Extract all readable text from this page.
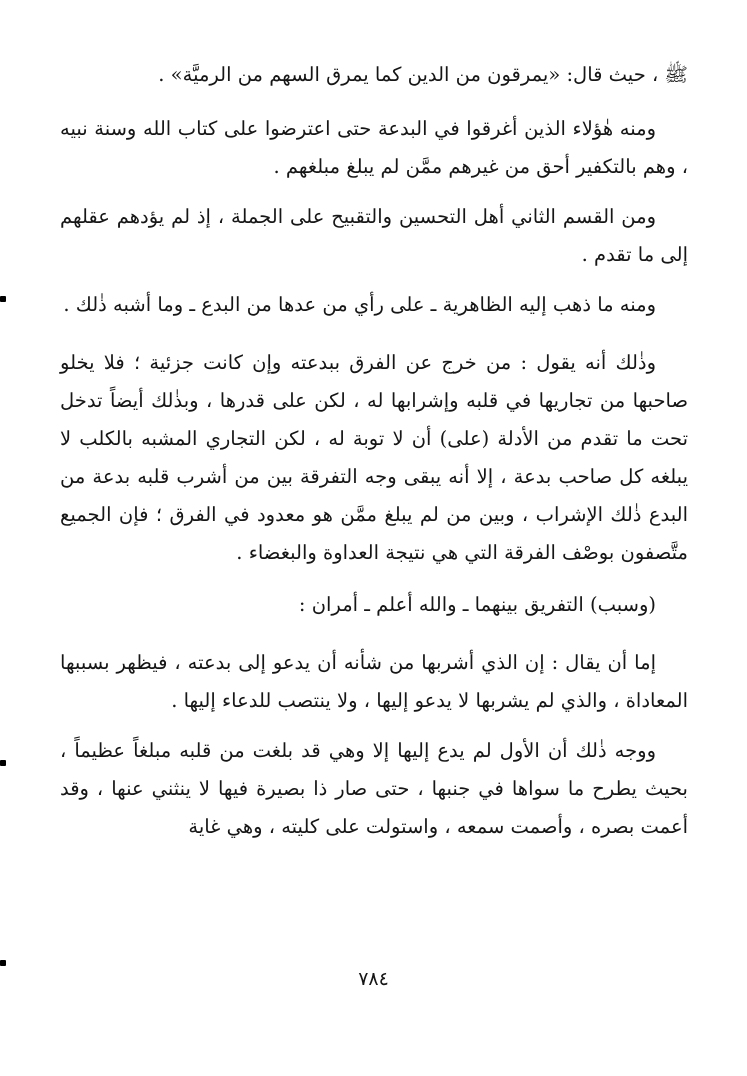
ﷺ ، حيث قال: «يمرقون من الدين كما يمرق السهم من الرميَّة» .

ومنه هٰؤلاء الذين أغرقوا في البدعة حتى اعترضوا على كتاب الله وسنة نبيه ، وهم بالتكفير أحق من غيرهم ممَّن لم يبلغ مبلغهم .

ومن القسم الثاني أهل التحسين والتقبيح على الجملة ، إذ لم يؤدهم عقلهم إلى ما تقدم .

ومنه ما ذهب إليه الظاهرية ـ على رأي من عدها من البدع ـ وما أشبه ذٰلك .

وذٰلك أنه يقول : من خرج عن الفرق ببدعته وإن كانت جزئية ؛ فلا يخلو صاحبها من تجاريها في قلبه وإشرابها له ، لكن على قدرها ، وبذٰلك أيضاً تدخل تحت ما تقدم من الأدلة (على) أن لا توبة له ، لكن التجاري المشبه بالكلب لا يبلغه كل صاحب بدعة ، إلا أنه يبقى وجه التفرقة بين من أشرب قلبه بدعة من البدع ذٰلك الإشراب ، وبين من لم يبلغ ممَّن هو معدود في الفرق ؛ فإن الجميع متَّصفون بوصْف الفرقة التي هي نتيجة العداوة والبغضاء .

(وسبب) التفريق بينهما ـ والله أعلم ـ أمران :

إما أن يقال : إن الذي أشربها من شأنه أن يدعو إلى بدعته ، فيظهر بسببها المعاداة ، والذي لم يشربها لا يدعو إليها ، ولا ينتصب للدعاء إليها .

ووجه ذٰلك أن الأول لم يدع إليها إلا وهي قد بلغت من قلبه مبلغاً عظيماً ، بحيث يطرح ما سواها في جنبها ، حتى صار ذا بصيرة فيها لا ينثني عنها ، وقد أعمت بصره ، وأصمت سمعه ، واستولت على كليته ، وهي غاية

٧٨٤
